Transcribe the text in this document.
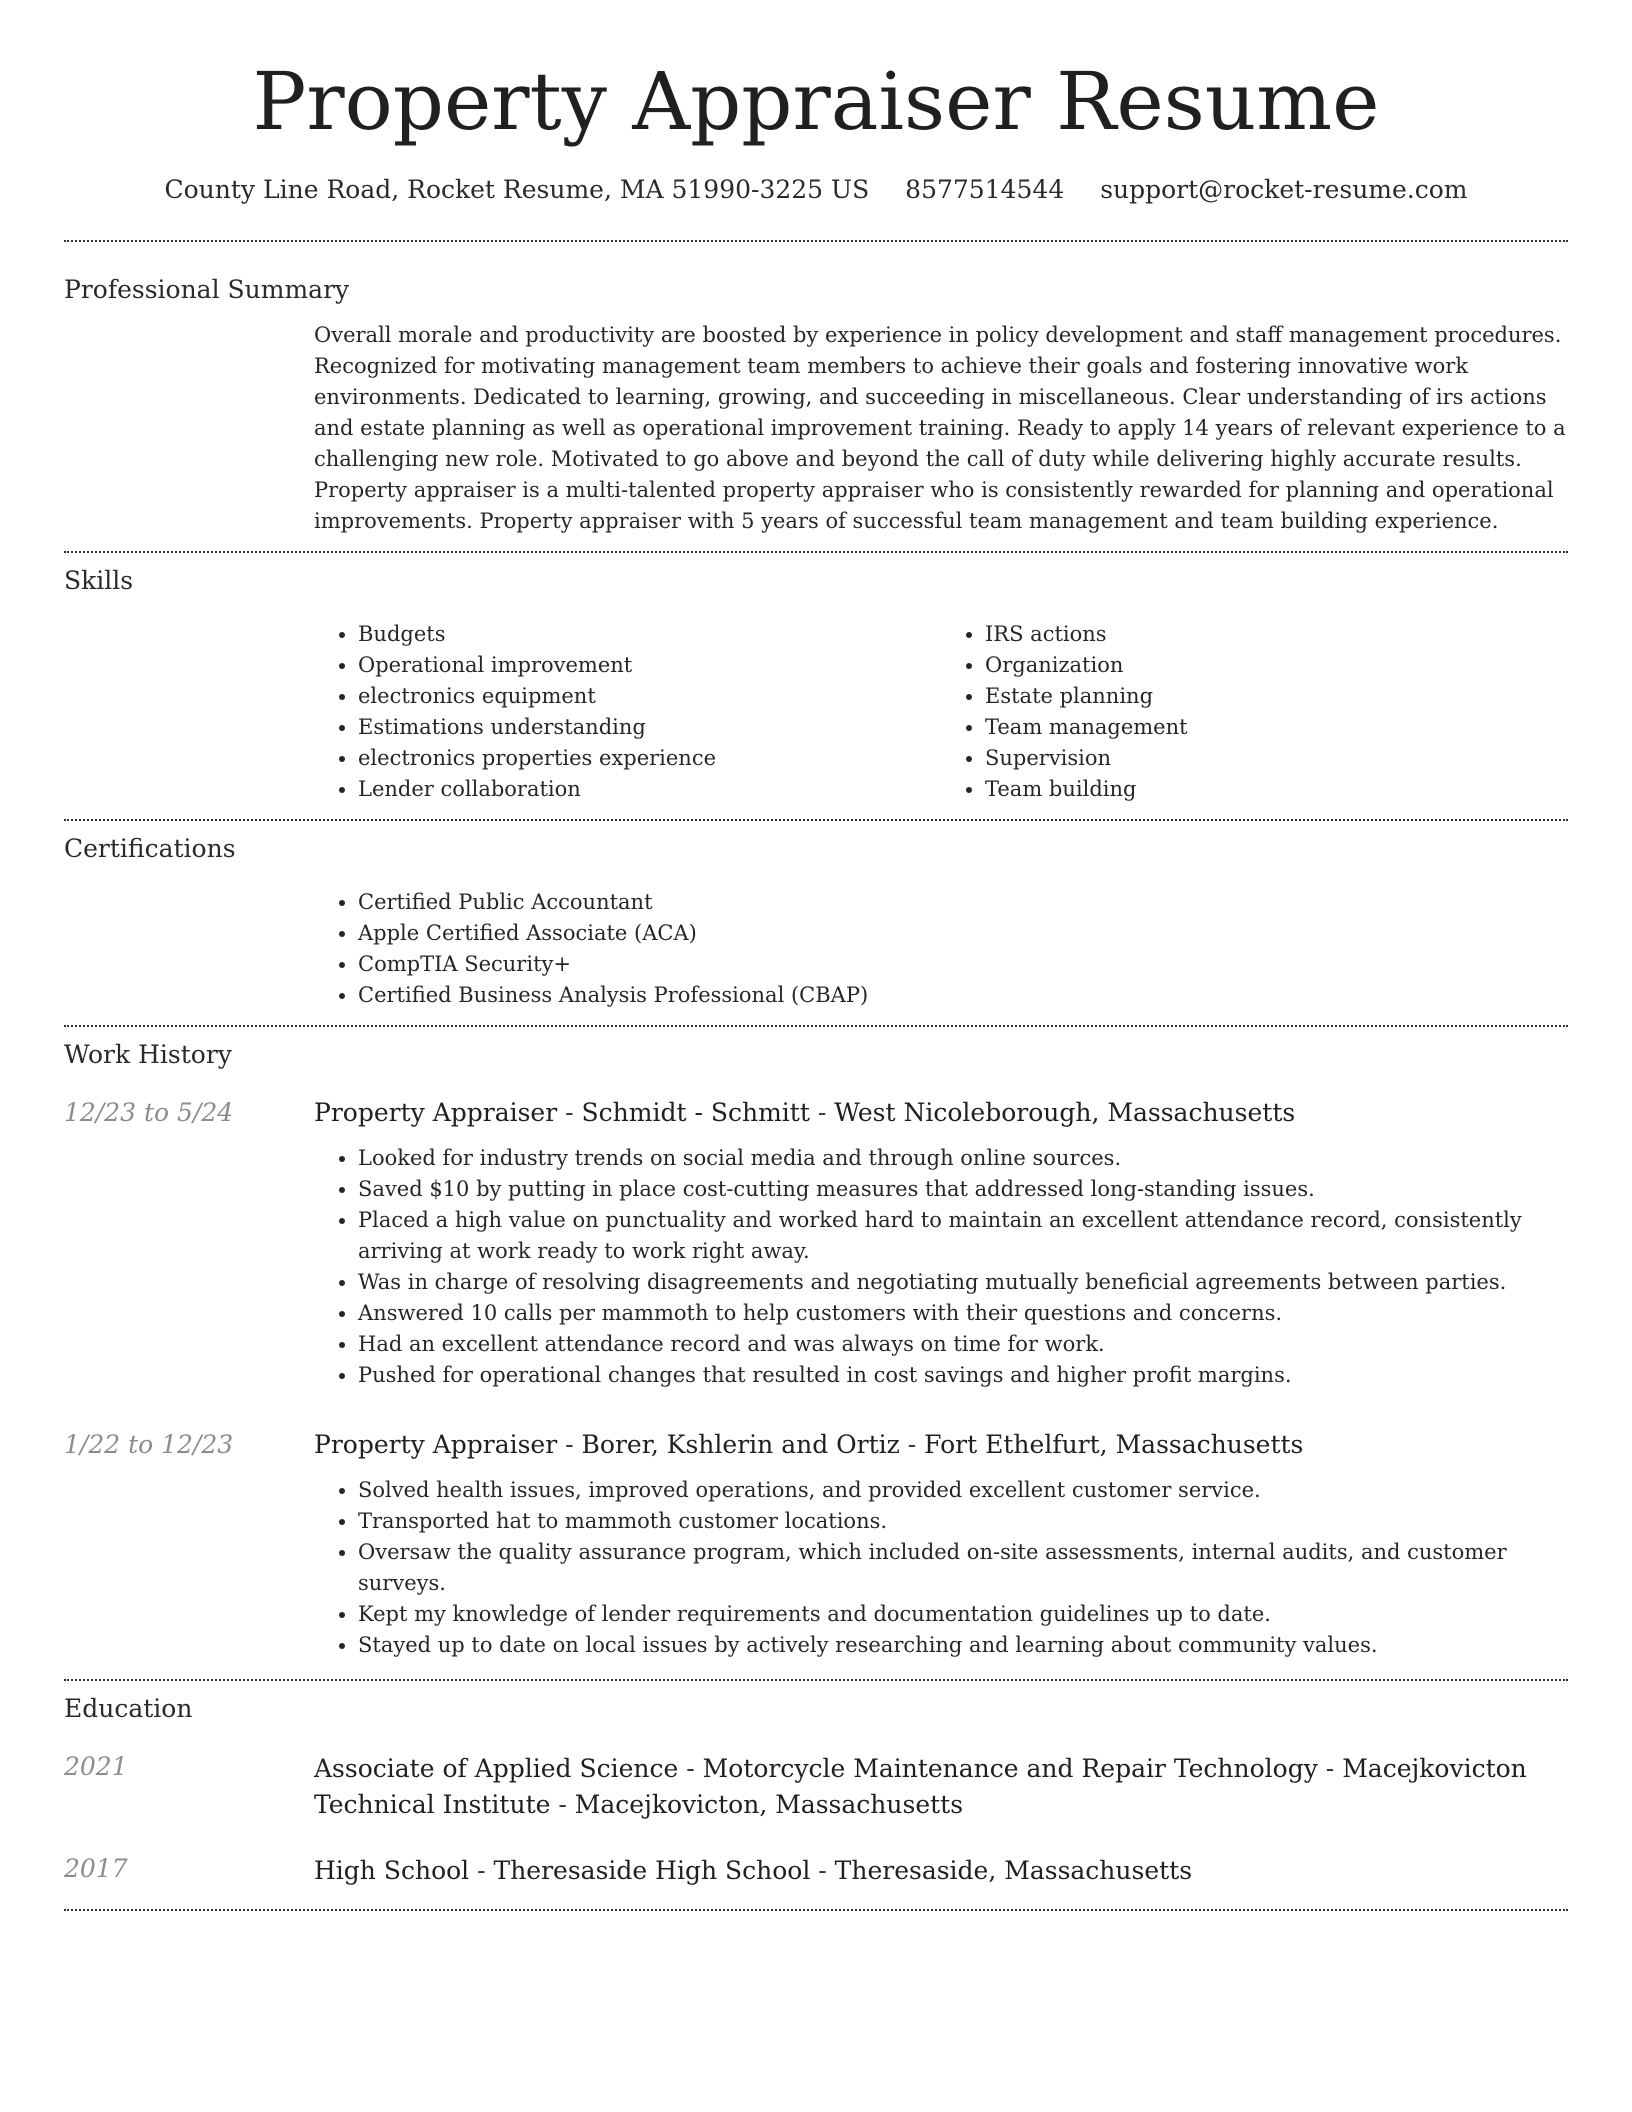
Property Appraiser Resume
County Line Road, Rocket Resume, MA 51990-3225 US 8577514544 support@rocket-resume.com
Professional Summary

Overall morale and productivity are boosted by experience in policy development and staff management procedures. Recognized for motivating management team members to achieve their goals and fostering innovative work environments. Dedicated to learning, growing, and succeeding in miscellaneous. Clear understanding of irs actions and estate planning as well as operational improvement training. Ready to apply 14 years of relevant experience to a challenging new role. Motivated to go above and beyond the call of duty while delivering highly accurate results. Property appraiser is a multi-talented property appraiser who is consistently rewarded for planning and operational improvements. Property appraiser with 5 years of successful team management and team building experience.

Skills
• Budgets
• Operational improvement
• electronics equipment
• Estimations understanding
• electronics properties experience
• Lender collaboration
• IRS actions
• Organization
• Estate planning
• Team management
• Supervision
• Team building
Certifications
• Certified Public Accountant
• Apple Certified Associate (ACA)
• CompTIA Security+
• Certified Business Analysis Professional (CBAP)
Work History
12/23 to 5/24	Property Appraiser - Schmidt - Schmitt - West Nicoleborough, Massachusetts
• Looked for industry trends on social media and through online sources.
• Saved $10 by putting in place cost-cutting measures that addressed long-standing issues.
• Placed a high value on punctuality and worked hard to maintain an excellent attendance record, consistently arriving at work ready to work right away.
• Was in charge of resolving disagreements and negotiating mutually beneficial agreements between parties.
• Answered 10 calls per mammoth to help customers with their questions and concerns.
• Had an excellent attendance record and was always on time for work.
• Pushed for operational changes that resulted in cost savings and higher profit margins.
1/22 to 12/23	Property Appraiser - Borer, Kshlerin and Ortiz - Fort Ethelfurt, Massachusetts
• Solved health issues, improved operations, and provided excellent customer service.
• Transported hat to mammoth customer locations.
• Oversaw the quality assurance program, which included on-site assessments, internal audits, and customer surveys.
• Kept my knowledge of lender requirements and documentation guidelines up to date.
• Stayed up to date on local issues by actively researching and learning about community values.
Education
2021	Associate of Applied Science - Motorcycle Maintenance and Repair Technology - Macejkovicton Technical Institute - Macejkovicton, Massachusetts
2017	High School - Theresaside High School - Theresaside, Massachusetts
